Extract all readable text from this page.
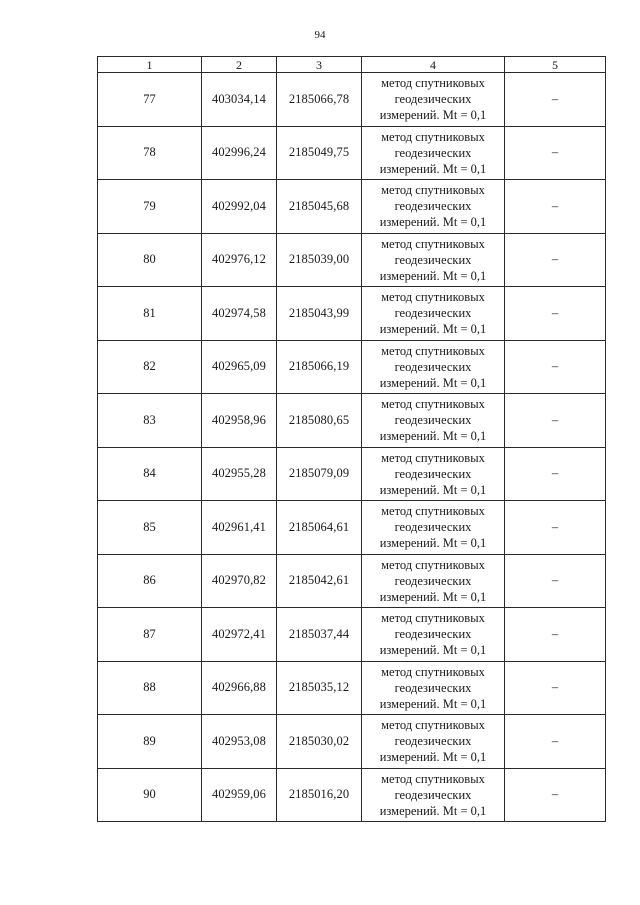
94
1	2	3	4	5
77	403034,14	2185066,78	метод спутниковых
геодезических
измерений. Mt = 0,1	–
78	402996,24	2185049,75	метод спутниковых
геодезических
измерений. Mt = 0,1	–
79	402992,04	2185045,68	метод спутниковых
геодезических
измерений. Mt = 0,1	–
80	402976,12	2185039,00	метод спутниковых
геодезических
измерений. Mt = 0,1	–
81	402974,58	2185043,99	метод спутниковых
геодезических
измерений. Mt = 0,1	–
82	402965,09	2185066,19	метод спутниковых
геодезических
измерений. Mt = 0,1	–
83	402958,96	2185080,65	метод спутниковых
геодезических
измерений. Mt = 0,1	–
84	402955,28	2185079,09	метод спутниковых
геодезических
измерений. Mt = 0,1	–
85	402961,41	2185064,61	метод спутниковых
геодезических
измерений. Mt = 0,1	–
86	402970,82	2185042,61	метод спутниковых
геодезических
измерений. Mt = 0,1	–
87	402972,41	2185037,44	метод спутниковых
геодезических
измерений. Mt = 0,1	–
88	402966,88	2185035,12	метод спутниковых
геодезических
измерений. Mt = 0,1	–
89	402953,08	2185030,02	метод спутниковых
геодезических
измерений. Mt = 0,1	–
90	402959,06	2185016,20	метод спутниковых
геодезических
измерений. Mt = 0,1	–
